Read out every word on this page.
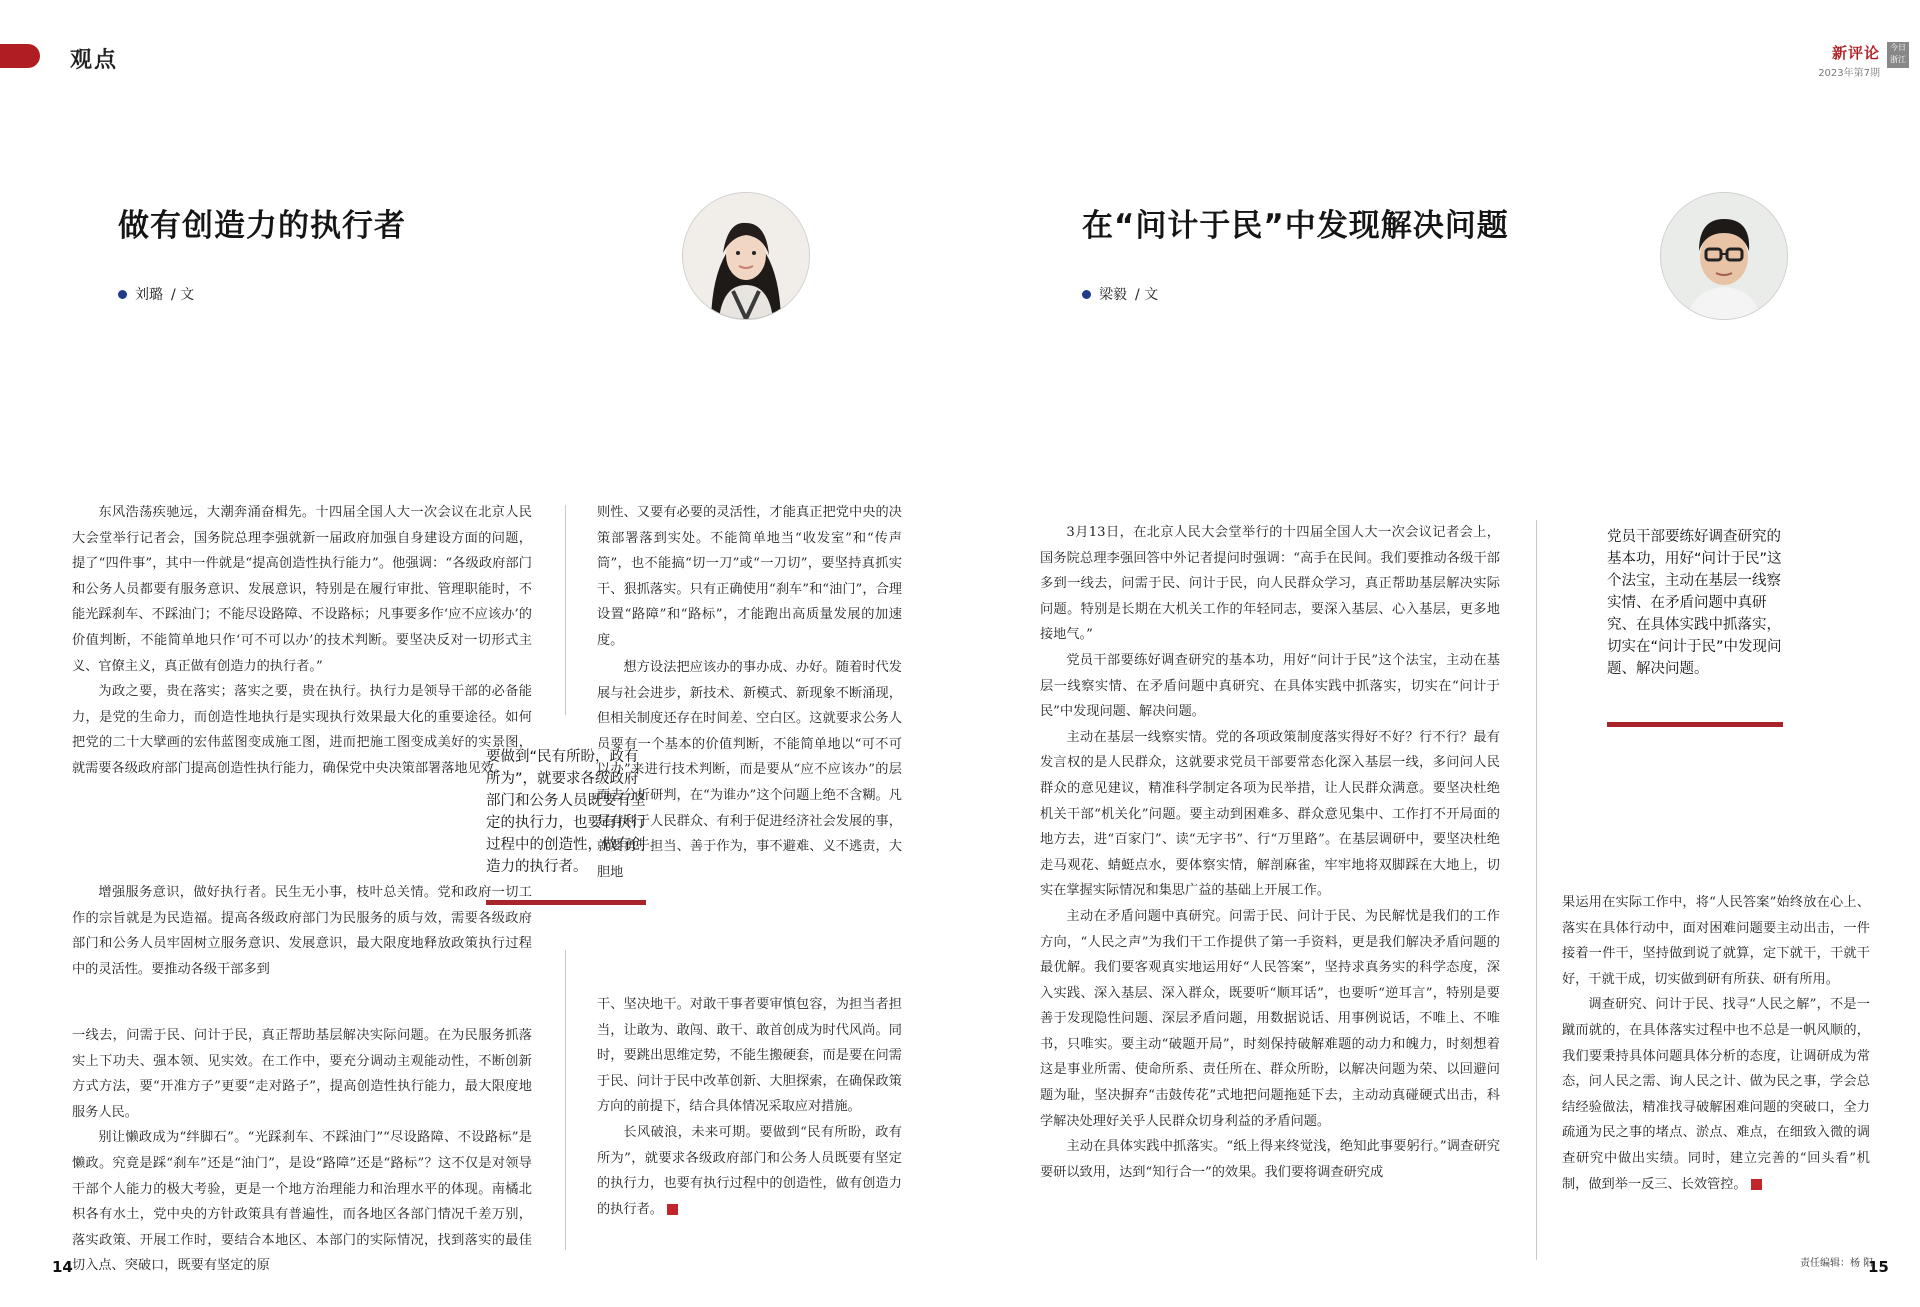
观点	新评论
2023年第7期
今日
浙江
做有创造力的执行者
刘璐 / 文

东风浩荡疾驰远，大潮奔涌奋楫先。十四届全国人大一次会议在北京人民大会堂举行记者会，国务院总理李强就新一届政府加强自身建设方面的问题，提了“四件事”，其中一件就是“提高创造性执行能力”。他强调：“各级政府部门和公务人员都要有服务意识、发展意识，特别是在履行审批、管理职能时，不能光踩刹车、不踩油门；不能尽设路障、不设路标；凡事要多作‘应不应该办’的价值判断，不能简单地只作‘可不可以办’的技术判断。要坚决反对一切形式主义、官僚主义，真正做有创造力的执行者。”

为政之要，贵在落实；落实之要，贵在执行。执行力是领导干部的必备能力，是党的生命力，而创造性地执行是实现执行效果最大化的重要途径。如何把党的二十大擘画的宏伟蓝图变成施工图，进而把施工图变成美好的实景图，就需要各级政府部门提高创造性执行能力，确保党中央决策部署落地见效。

增强服务意识，做好执行者。民生无小事，枝叶总关情。党和政府一切工作的宗旨就是为民造福。提高各级政府部门为民服务的质与效，需要各级政府部门和公务人员牢固树立服务意识、发展意识，最大限度地释放政策执行过程中的灵活性。要推动各级干部多到

一线去，问需于民、问计于民，真正帮助基层解决实际问题。在为民服务抓落实上下功夫、强本领、见实效。在工作中，要充分调动主观能动性，不断创新方式方法，要“开准方子”更要“走对路子”，提高创造性执行能力，最大限度地服务人民。

别让懒政成为“绊脚石”。“光踩刹车、不踩油门”“尽设路障、不设路标”是懒政。究竟是踩“刹车”还是“油门”，是设“路障”还是“路标”？这不仅是对领导干部个人能力的极大考验，更是一个地方治理能力和治理水平的体现。南橘北枳各有水土，党中央的方针政策具有普遍性，而各地区各部门情况千差万别，落实政策、开展工作时，要结合本地区、本部门的实际情况，找到落实的最佳切入点、突破口，既要有坚定的原

要做到“民有所盼，政有所为”，就要求各级政府部门和公务人员既要有坚定的执行力，也要有执行过程中的创造性，做有创造力的执行者。

则性、又要有必要的灵活性，才能真正把党中央的决策部署落到实处。不能简单地当“收发室”和“传声筒”，也不能搞“切一刀”或“一刀切”，要坚持真抓实干、狠抓落实。只有正确使用“刹车”和“油门”，合理设置“路障”和“路标”，才能跑出高质量发展的加速度。

想方设法把应该办的事办成、办好。随着时代发展与社会进步，新技术、新模式、新现象不断涌现，但相关制度还存在时间差、空白区。这就要求公务人员要有一个基本的价值判断，不能简单地以“可不可以办”来进行技术判断，而是要从“应不应该办”的层面去分析研判，在“为谁办”这个问题上绝不含糊。凡是有利于人民群众、有利于促进经济社会发展的事，就要勇于担当、善于作为，事不避难、义不逃责，大胆地

干、坚决地干。对敢干事者要审慎包容，为担当者担当，让敢为、敢闯、敢干、敢首创成为时代风尚。同时，要跳出思维定势，不能生搬硬套，而是要在问需于民、问计于民中改革创新、大胆探索，在确保政策方向的前提下，结合具体情况采取应对措施。

长风破浪，未来可期。要做到“民有所盼，政有所为”，就要求各级政府部门和公务人员既要有坚定的执行力，也要有执行过程中的创造性，做有创造力的执行者。

14
在“问计于民”中发现解决问题
梁毅 / 文

3月13日，在北京人民大会堂举行的十四届全国人大一次会议记者会上，国务院总理李强回答中外记者提问时强调：“高手在民间。我们要推动各级干部多到一线去，问需于民、问计于民，向人民群众学习，真正帮助基层解决实际问题。特别是长期在大机关工作的年轻同志，要深入基层、心入基层，更多地接地气。”

党员干部要练好调查研究的基本功，用好“问计于民”这个法宝，主动在基层一线察实情、在矛盾问题中真研究、在具体实践中抓落实，切实在“问计于民”中发现问题、解决问题。

主动在基层一线察实情。党的各项政策制度落实得好不好？行不行？最有发言权的是人民群众，这就要求党员干部要常态化深入基层一线，多问问人民群众的意见建议，精准科学制定各项为民举措，让人民群众满意。要坚决杜绝机关干部“机关化”问题。要主动到困难多、群众意见集中、工作打不开局面的地方去，进“百家门”、读“无字书”、行“万里路”。在基层调研中，要坚决杜绝走马观花、蜻蜓点水，要体察实情，解剖麻雀，牢牢地将双脚踩在大地上，切实在掌握实际情况和集思广益的基础上开展工作。

主动在矛盾问题中真研究。问需于民、问计于民、为民解忧是我们的工作方向，“人民之声”为我们干工作提供了第一手资料，更是我们解决矛盾问题的最优解。我们要客观真实地运用好“人民答案”，坚持求真务实的科学态度，深入实践、深入基层、深入群众，既要听“顺耳话”，也要听“逆耳言”，特别是要善于发现隐性问题、深层矛盾问题，用数据说话、用事例说话，不唯上、不唯书，只唯实。要主动“破题开局”，时刻保持破解难题的动力和魄力，时刻想着这是事业所需、使命所系、责任所在、群众所盼，以解决问题为荣、以回避问题为耻，坚决摒弃“击鼓传花”式地把问题拖延下去，主动动真碰硬式出击，科学解决处理好关乎人民群众切身利益的矛盾问题。

主动在具体实践中抓落实。“纸上得来终觉浅，绝知此事要躬行。”调查研究要研以致用，达到“知行合一”的效果。我们要将调查研究成

党员干部要练好调查研究的基本功，用好“问计于民”这个法宝，主动在基层一线察实情、在矛盾问题中真研究、在具体实践中抓落实，切实在“问计于民”中发现问题、解决问题。

果运用在实际工作中，将“人民答案”始终放在心上、落实在具体行动中，面对困难问题要主动出击，一件接着一件干，坚持做到说了就算，定下就干，干就干好，干就干成，切实做到研有所获、研有所用。

调查研究、问计于民、找寻“人民之解”，不是一蹴而就的，在具体落实过程中也不总是一帆风顺的，我们要秉持具体问题具体分析的态度，让调研成为常态，问人民之需、询人民之计、做为民之事，学会总结经验做法，精准找寻破解困难问题的突破口，全力疏通为民之事的堵点、淤点、难点，在细致入微的调查研究中做出实绩。同时，建立完善的“回头看”机制，做到举一反三、长效管控。

责任编辑：杨 阳
15
